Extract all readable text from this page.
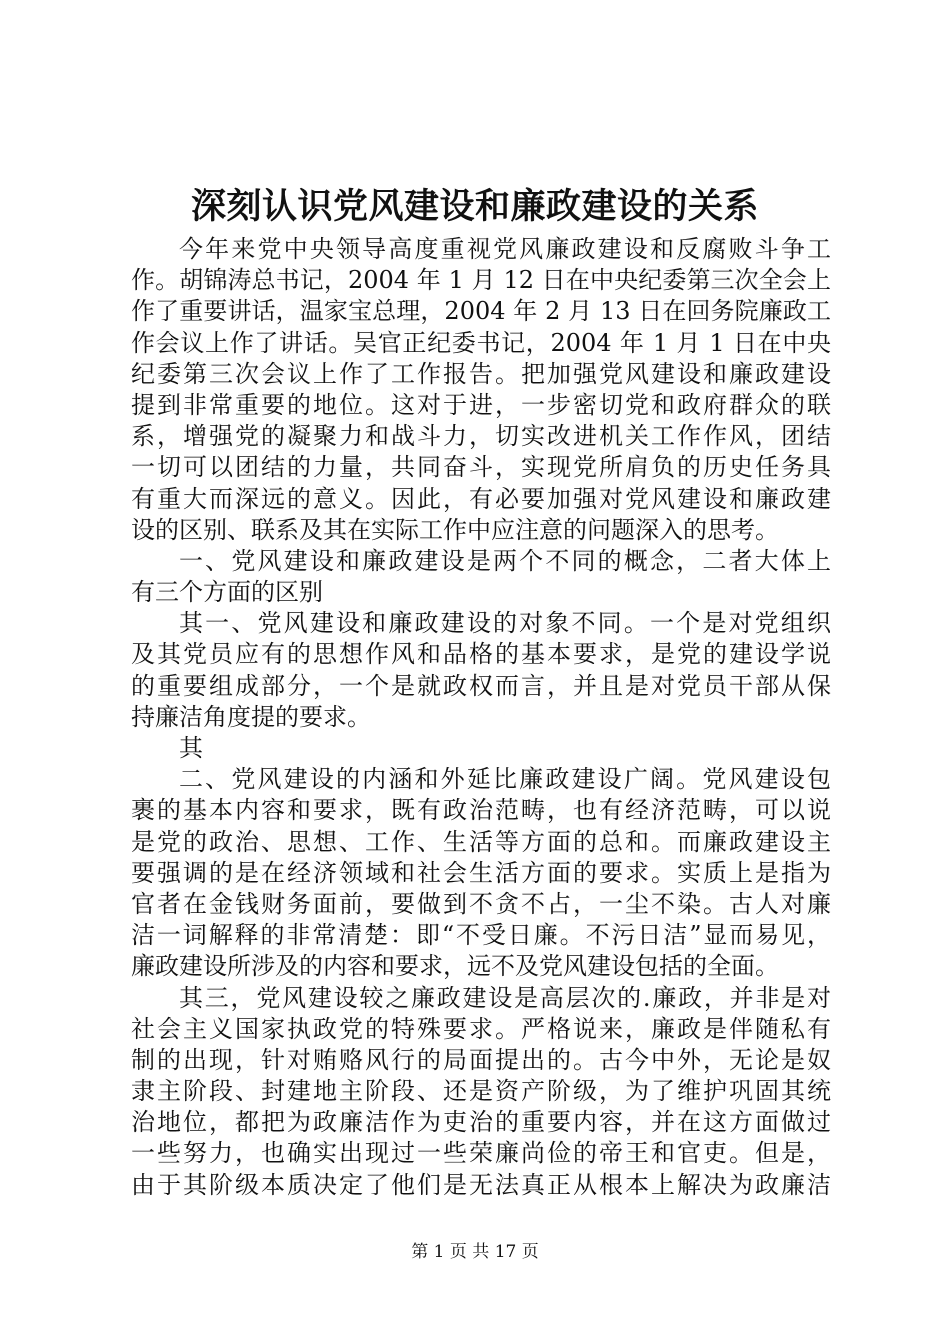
深刻认识党风建设和廉政建设的关系
今年来党中央领导高度重视党风廉政建设和反腐败斗争工
作。胡锦涛总书记，2004 年 1 月 12 日在中央纪委第三次全会上
作了重要讲话，温家宝总理，2004 年 2 月 13 日在回务院廉政工
作会议上作了讲话。吴官正纪委书记，2004 年 1 月 1 日在中央
纪委第三次会议上作了工作报告。把加强党风建设和廉政建设
提到非常重要的地位。这对于进，一步密切党和政府群众的联
系，增强党的凝聚力和战斗力，切实改进机关工作作风，团结
一切可以团结的力量，共同奋斗，实现党所肩负的历史任务具
有重大而深远的意义。因此，有必要加强对党风建设和廉政建
设的区别、联系及其在实际工作中应注意的问题深入的思考。
一、党风建设和廉政建设是两个不同的概念，二者大体上
有三个方面的区别
其一、党风建设和廉政建设的对象不同。一个是对党组织
及其党员应有的思想作风和品格的基本要求，是党的建设学说
的重要组成部分，一个是就政权而言，并且是对党员干部从保
持廉洁角度提的要求。
其
二、党风建设的内涵和外延比廉政建设广阔。党风建设包
裹的基本内容和要求，既有政治范畴，也有经济范畴，可以说
是党的政治、思想、工作、生活等方面的总和。而廉政建设主
要强调的是在经济领域和社会生活方面的要求。实质上是指为
官者在金钱财务面前，要做到不贪不占，一尘不染。古人对廉
洁一词解释的非常清楚：即“不受日廉。不污日洁”显而易见，
廉政建设所涉及的内容和要求，远不及党风建设包括的全面。
其三，党风建设较之廉政建设是高层次的.廉政，并非是对
社会主义国家执政党的特殊要求。严格说来，廉政是伴随私有
制的出现，针对贿赂风行的局面提出的。古今中外，无论是奴
隶主阶段、封建地主阶段、还是资产阶级，为了维护巩固其统
治地位，都把为政廉洁作为吏治的重要内容，并在这方面做过
一些努力，也确实出现过一些荣廉尚俭的帝王和官吏。但是，
由于其阶级本质决定了他们是无法真正从根本上解决为政廉洁
第 1 页 共 17 页
